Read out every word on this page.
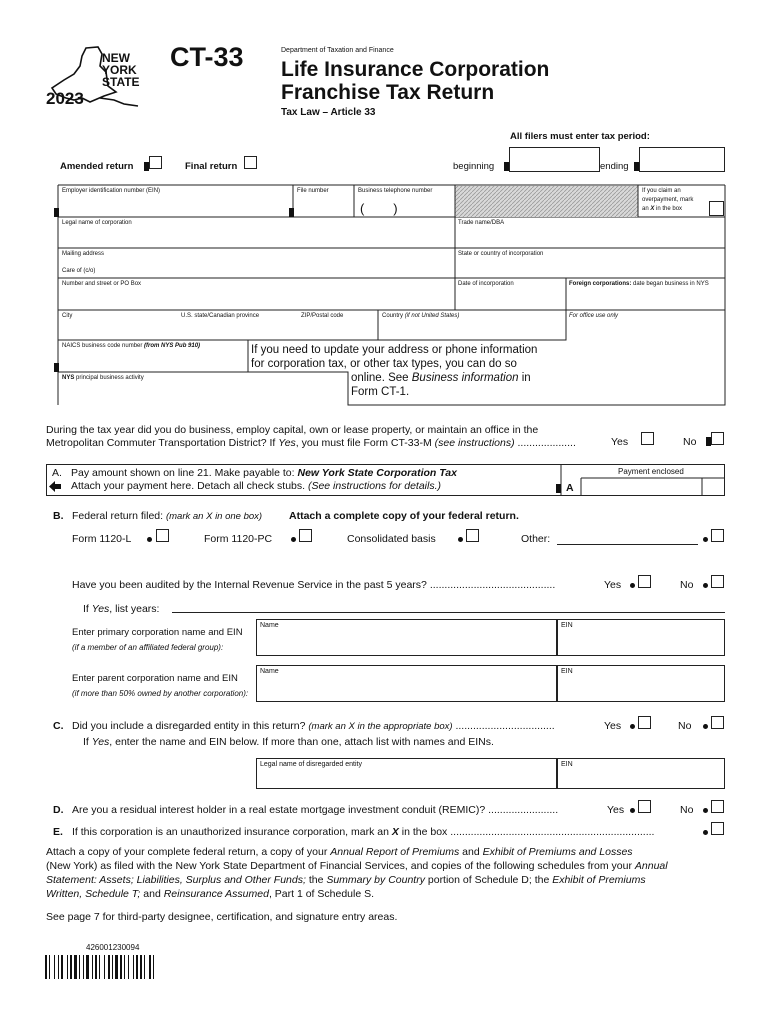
NEW
YORK
STATE
2023
CT-33	Department of Taxation and Finance
Life Insurance Corporation
Franchise Tax Return
Tax Law – Article 33
All filers must enter tax period:
Amended return	Final return	beginning	ending
Employer identification number (EIN)	File number	Business telephone number
(        )
If you claim an
overpayment, mark
an X in the box
Legal name of corporation	Trade name/DBA
Mailing address	State or country of incorporation
Care of (c/o)
Number and street or PO Box	Date of incorporation	Foreign corporations: date began business in NYS
City	U.S. state/Canadian province	ZIP/Postal code	Country (if not United States)	For office use only
NAICS business code number (from NYS Pub 910)
NYS principal business activity
If you need to update your address or phone information
for corporation tax, or other tax types, you can do so
online. See Business information in
Form CT-1.
During the tax year did you do business, employ capital, own or lease property, or maintain an office in the
Metropolitan Commuter Transportation District? If Yes, you must file Form CT-33-M (see instructions) ....................	Yes	No
A. Pay amount shown on line 21. Make payable to: New York State Corporation Tax
Attach your payment here. Detach all check stubs. (See instructions for details.)
Payment enclosed
A
B. Federal return filed: (mark an X in one box)	Attach a complete copy of your federal return.
Form 1120-L	Form 1120-PC	Consolidated basis	Other:
Have you been audited by the Internal Revenue Service in the past 5 years? ...........................................	Yes	No
If Yes, list years:
Enter primary corporation name and EIN
(if a member of an affiliated federal group):
Name	EIN
Enter parent corporation name and EIN
(if more than 50% owned by another corporation):
Name	EIN
C. Did you include a disregarded entity in this return? (mark an X in the appropriate box) ..................................	Yes	No
If Yes, enter the name and EIN below. If more than one, attach list with names and EINs.
Legal name of disregarded entity	EIN
D. Are you a residual interest holder in a real estate mortgage investment conduit (REMIC)? ........................	Yes	No
E. If this corporation is an unauthorized insurance corporation, mark an X in the box ......................................................................
Attach a copy of your complete federal return, a copy of your Annual Report of Premiums and Exhibit of Premiums and Losses
(New York) as filed with the New York State Department of Financial Services, and copies of the following schedules from your Annual
Statement: Assets; Liabilities, Surplus and Other Funds; the Summary by Country portion of Schedule D; the Exhibit of Premiums
Written, Schedule T; and Reinsurance Assumed, Part 1 of Schedule S.
See page 7 for third-party designee, certification, and signature entry areas.
426001230094
